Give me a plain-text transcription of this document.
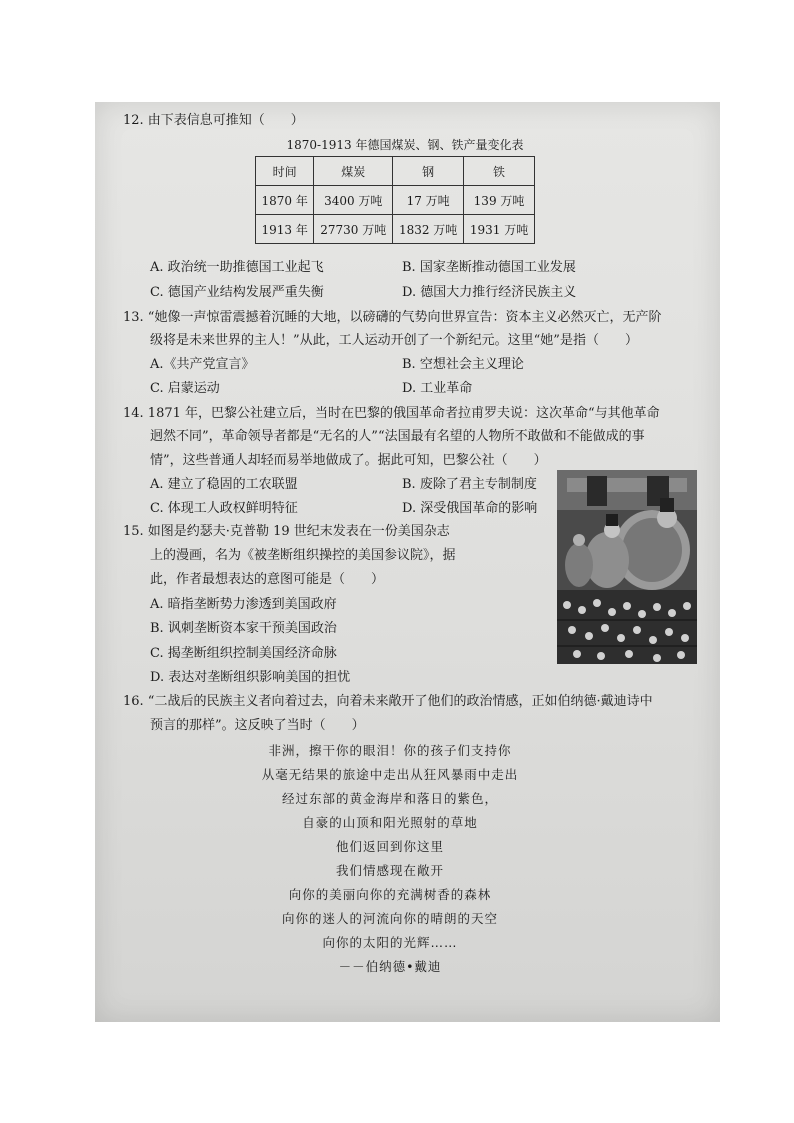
12. 由下表信息可推知（　　）
1870-1913 年德国煤炭、钢、铁产量变化表
时间	煤炭	钢	铁
1870 年	3400 万吨	17 万吨	139 万吨
1913 年	27730 万吨	1832 万吨	1931 万吨
A. 政治统一助推德国工业起飞	B. 国家垄断推动德国工业发展
C. 德国产业结构发展严重失衡	D. 德国大力推行经济民族主义
13. “她像一声惊雷震撼着沉睡的大地，以磅礴的气势向世界宣告：资本主义必然灭亡，无产阶
级将是未来世界的主人！”从此，工人运动开创了一个新纪元。这里“她”是指（　　）
A.《共产党宣言》	B. 空想社会主义理论
C. 启蒙运动	D. 工业革命
14. 1871 年，巴黎公社建立后，当时在巴黎的俄国革命者拉甫罗夫说：这次革命“与其他革命
迥然不同”，革命领导者都是“无名的人”“法国最有名望的人物所不敢做和不能做成的事
情”，这些普通人却轻而易举地做成了。据此可知，巴黎公社（　　）
A. 建立了稳固的工农联盟	B. 废除了君主专制制度
C. 体现工人政权鲜明特征	D. 深受俄国革命的影响
15. 如图是约瑟夫·克普勒 19 世纪末发表在一份美国杂志
上的漫画，名为《被垄断组织操控的美国参议院》，据
此，作者最想表达的意图可能是（　　）
A. 暗指垄断势力渗透到美国政府
B. 讽刺垄断资本家干预美国政治
C. 揭垄断组织控制美国经济命脉
D. 表达对垄断组织影响美国的担忧
16. “二战后的民族主义者向着过去，向着未来敞开了他们的政治情感，正如伯纳德·戴迪诗中
预言的那样”。这反映了当时（　　）
非洲，擦干你的眼泪！你的孩子们支持你
从毫无结果的旅途中走出从狂风暴雨中走出
经过东部的黄金海岸和落日的紫色，
自豪的山顶和阳光照射的草地
他们返回到你这里
我们情感现在敞开
向你的美丽向你的充满树香的森林
向你的迷人的河流向你的晴朗的天空
向你的太阳的光辉……
－－伯纳德•戴迪
